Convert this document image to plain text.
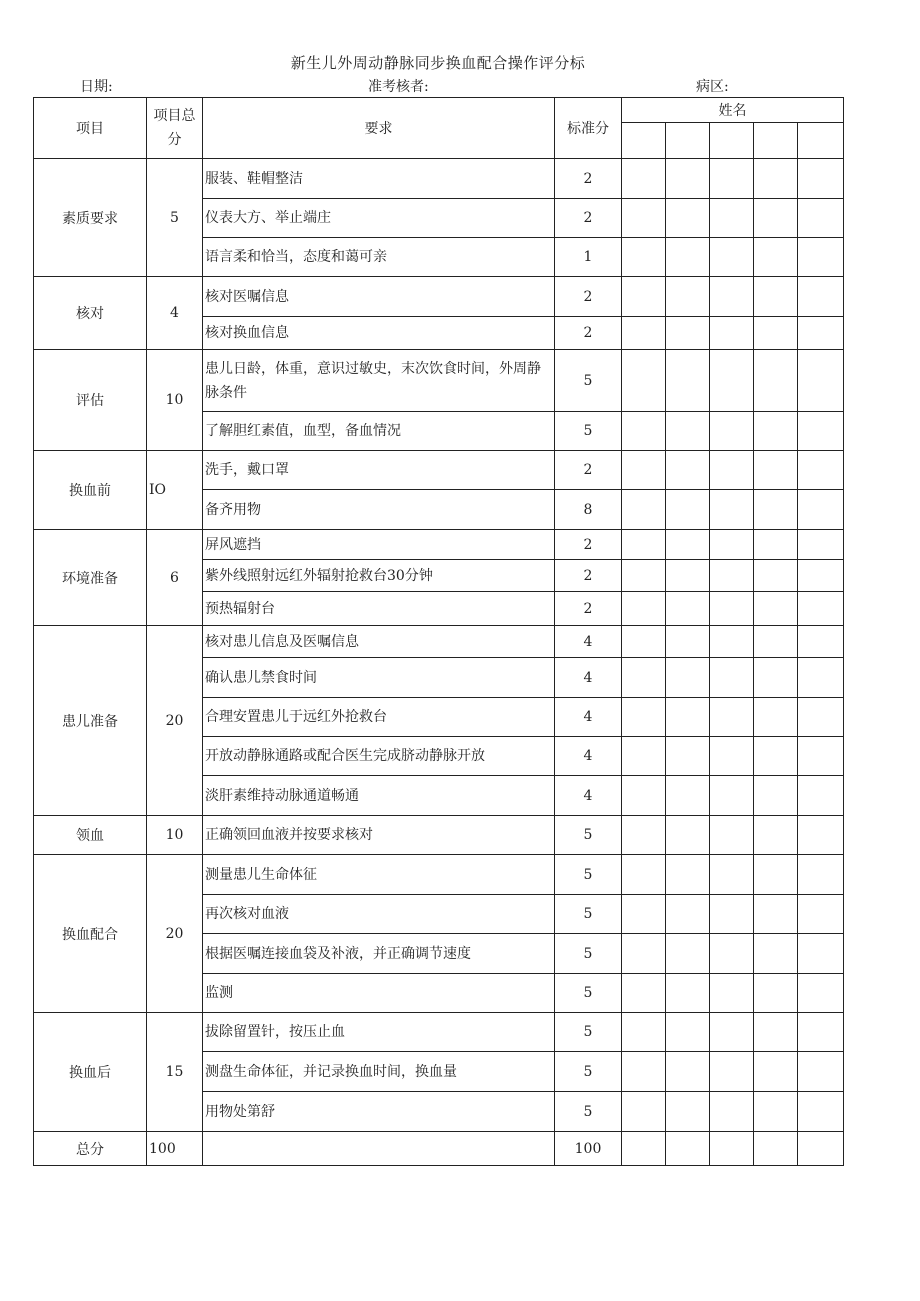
新生儿外周动静脉同步换血配合操作评分标
日期:	准考核者:	病区:
项目	项目总分	要求	标准分	姓名				

素质要求	5	服装、鞋帽整洁	2					
		仪表大方、举止端庄	2					
		语言柔和恰当，态度和蔼可亲	1					
核对	4	核对医嘱信息	2					
		核对换血信息	2					
评估	10	患儿日龄，体重，意识过敏史，末次饮食时间，外周静脉条件	5					
		了解胆红素值，血型，备血情况	5					
换血前	IO	洗手，戴口罩	2					
		备齐用物	8					
环境准备	6	屏风遮挡	2					
		紫外线照射远红外辐射抢救台30分钟	2					
		预热辐射台	2					
患儿准备	20	核对患儿信息及医嘱信息	4					
		确认患儿禁食时间	4					
		合理安置患儿于远红外抢救台	4					
		开放动静脉通路或配合医生完成脐动静脉开放	4					
		淡肝素维持动脉通道畅通	4					
领血	10	正确领回血液并按要求核对	5					
换血配合	20	测量患儿生命体征	5					
		再次核对血液	5					
		根据医嘱连接血袋及补液，并正确调节速度	5					
		监测	5					
换血后	15	拔除留置针，按压止血	5					
		测盘生命体征，并记录换血时间，换血量	5					
		用物处第舒	5					
总分	100		100					
